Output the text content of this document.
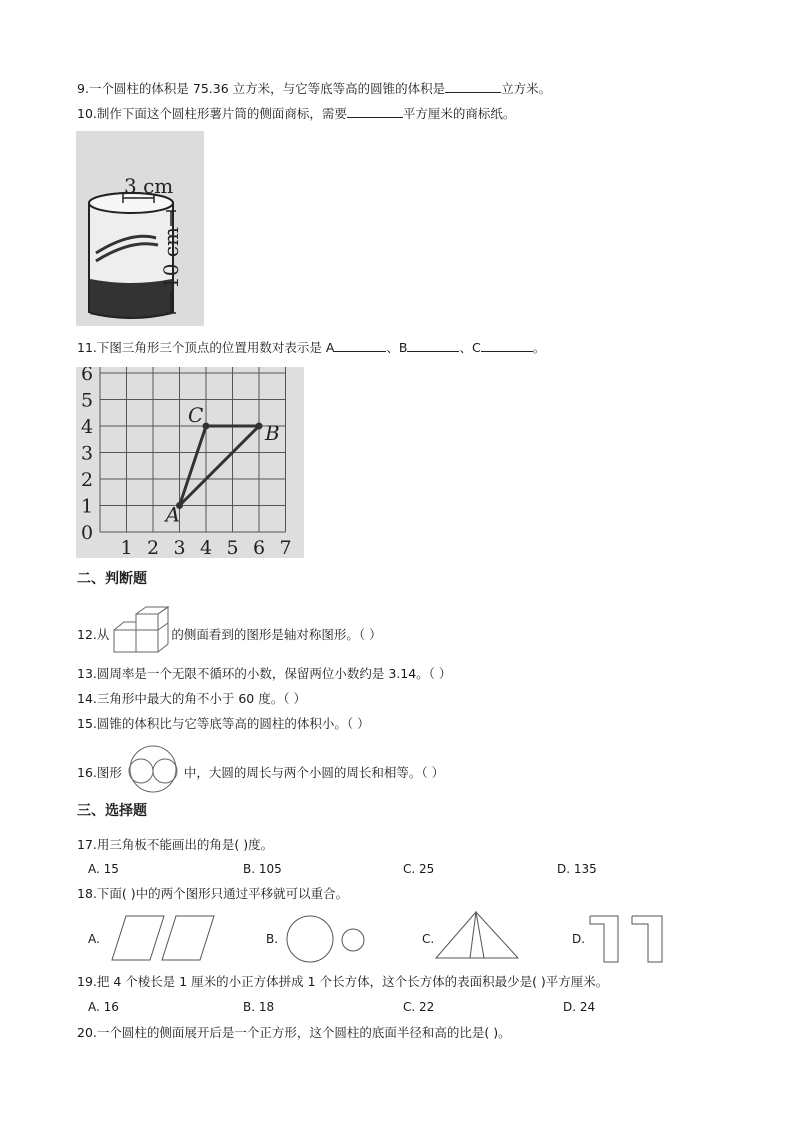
9.一个圆柱的体积是 75.36 立方米，与它等底等高的圆锥的体积是	立方米。
10.制作下面这个圆柱形薯片筒的侧面商标，需要	平方厘米的商标纸。
3 cm
10 cm
11.下图三角形三个顶点的位置用数对表示是 A	、B	、C	。
1 2 3 4 5 6 7
0
1
2
3
4
5
6
A
B
C
二、判断题
12.从	的侧面看到的图形是轴对称图形。（ ）
13.圆周率是一个无限不循环的小数，保留两位小数约是 3.14。（ ）
14.三角形中最大的角不小于 60 度。（ ）
15.圆锥的体积比与它等底等高的圆柱的体积小。（ ）
16.图形	中，大圆的周长与两个小圆的周长和相等。（ ）
三、选择题
17.用三角板不能画出的角是( )度。
A. 15	B. 105	C. 25	D. 135
18.下面( )中的两个图形只通过平移就可以重合。
A.	B.	C.	D.
19.把 4 个棱长是 1 厘米的小正方体拼成 1 个长方体，这个长方体的表面积最少是( )平方厘米。
A. 16	B. 18	C. 22	D. 24
20.一个圆柱的侧面展开后是一个正方形，这个圆柱的底面半径和高的比是( )。
